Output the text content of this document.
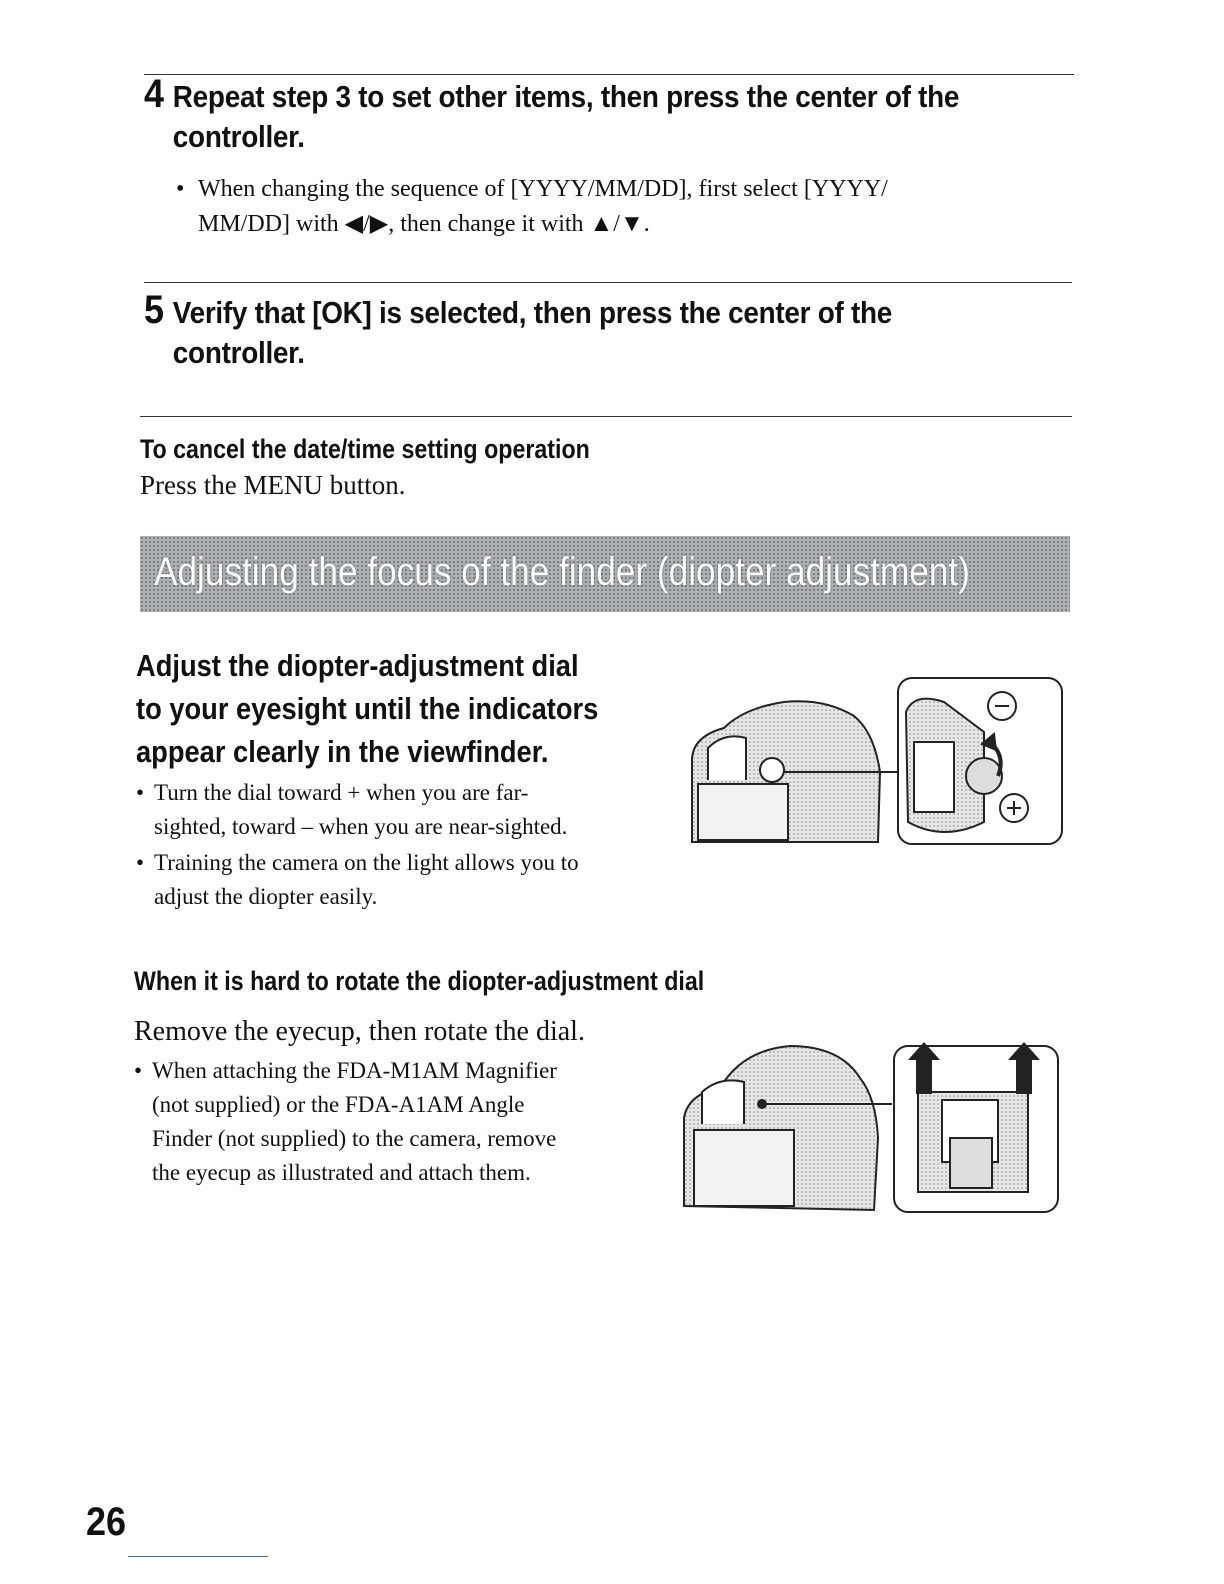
4 Repeat step 3 to set other items, then press the center of the
controller.
• When changing the sequence of [YYYY/MM/DD], first select [YYYY/
MM/DD] with ◀/▶, then change it with ▲/▼.
5 Verify that [OK] is selected, then press the center of the
controller.
To cancel the date/time setting operation
Press the MENU button.
Adjusting the focus of the finder (diopter adjustment)
Adjust the diopter-adjustment dial
to your eyesight until the indicators
appear clearly in the viewfinder.
• Turn the dial toward + when you are far-
sighted, toward – when you are near-sighted.
• Training the camera on the light allows you to
adjust the diopter easily.
When it is hard to rotate the diopter-adjustment dial
Remove the eyecup, then rotate the dial.
• When attaching the FDA-M1AM Magnifier
(not supplied) or the FDA-A1AM Angle
Finder (not supplied) to the camera, remove
the eyecup as illustrated and attach them.
26
